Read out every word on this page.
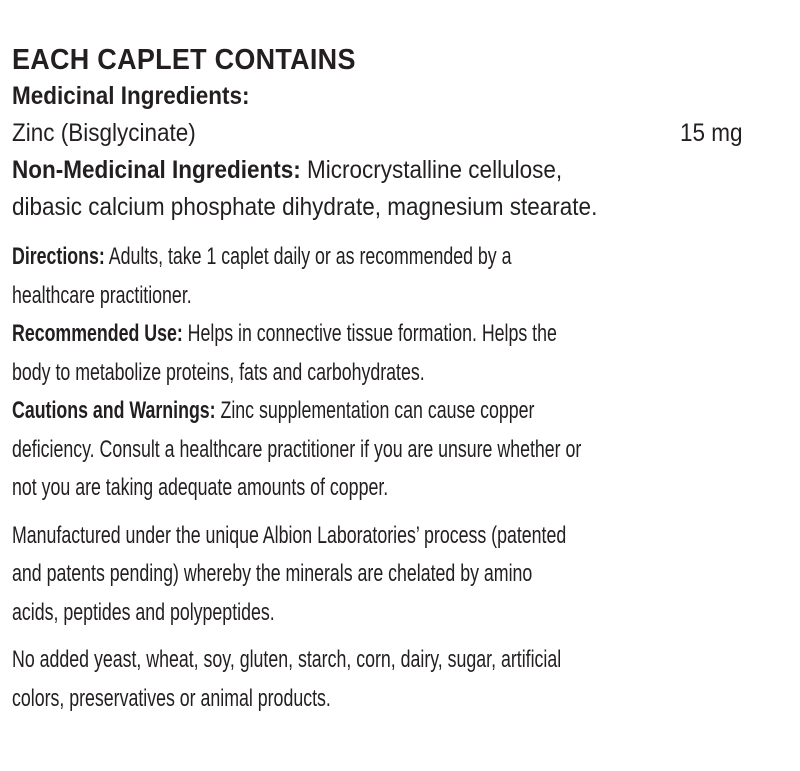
EACH CAPLET CONTAINS
Medicinal Ingredients:
Zinc (Bisglycinate)	15 mg
Non-Medicinal Ingredients: Microcrystalline cellulose,
dibasic calcium phosphate dihydrate, magnesium stearate.
Directions: Adults, take 1 caplet daily or as recommended by a
healthcare practitioner.
Recommended Use: Helps in connective tissue formation. Helps the
body to metabolize proteins, fats and carbohydrates.
Cautions and Warnings: Zinc supplementation can cause copper
deficiency. Consult a healthcare practitioner if you are unsure whether or
not you are taking adequate amounts of copper.
Manufactured under the unique Albion Laboratories’ process (patented
and patents pending) whereby the minerals are chelated by amino
acids, peptides and polypeptides.
No added yeast, wheat, soy, gluten, starch, corn, dairy, sugar, artificial
colors, preservatives or animal products.
